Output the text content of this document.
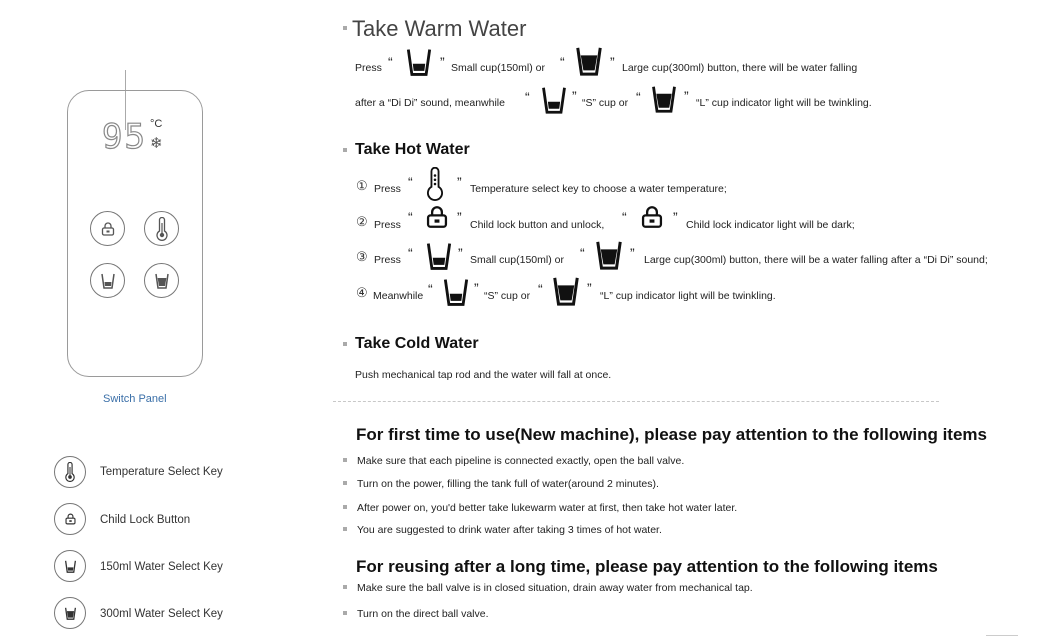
95 °C
❄
Switch Panel
Temperature Select Key
Child Lock Button
150ml Water Select Key
300ml Water Select Key
Take Warm Water
Press “	” Small cup(150ml) or “	” Large cup(300ml) button, there will be water falling
after a “Di Di” sound, meanwhile “	” “S” cup or “	” “L” cup indicator light will be twinkling.
Take Hot Water
① Press “	” Temperature select key to choose a water temperature;
② Press “	” Child lock button and unlock, “	” Child lock indicator light will be dark;
③ Press “	” Small cup(150ml) or “	” Large cup(300ml) button, there will be a water falling after a “Di Di” sound;
④ Meanwhile “	” “S” cup or “	” “L” cup indicator light will be twinkling.
Take Cold Water
Push mechanical tap rod and the water will fall at once.
For first time to use(New machine), please pay attention to the following items
Make sure that each pipeline is connected exactly, open the ball valve.
Turn on the power, filling the tank full of water(around 2 minutes).
After power on, you'd better take lukewarm water at first, then take hot water later.
You are suggested to drink water after taking 3 times of hot water.
For reusing after a long time, please pay attention to the following items
Make sure the ball valve is in closed situation, drain away water from mechanical tap.
Turn on the direct ball valve.
